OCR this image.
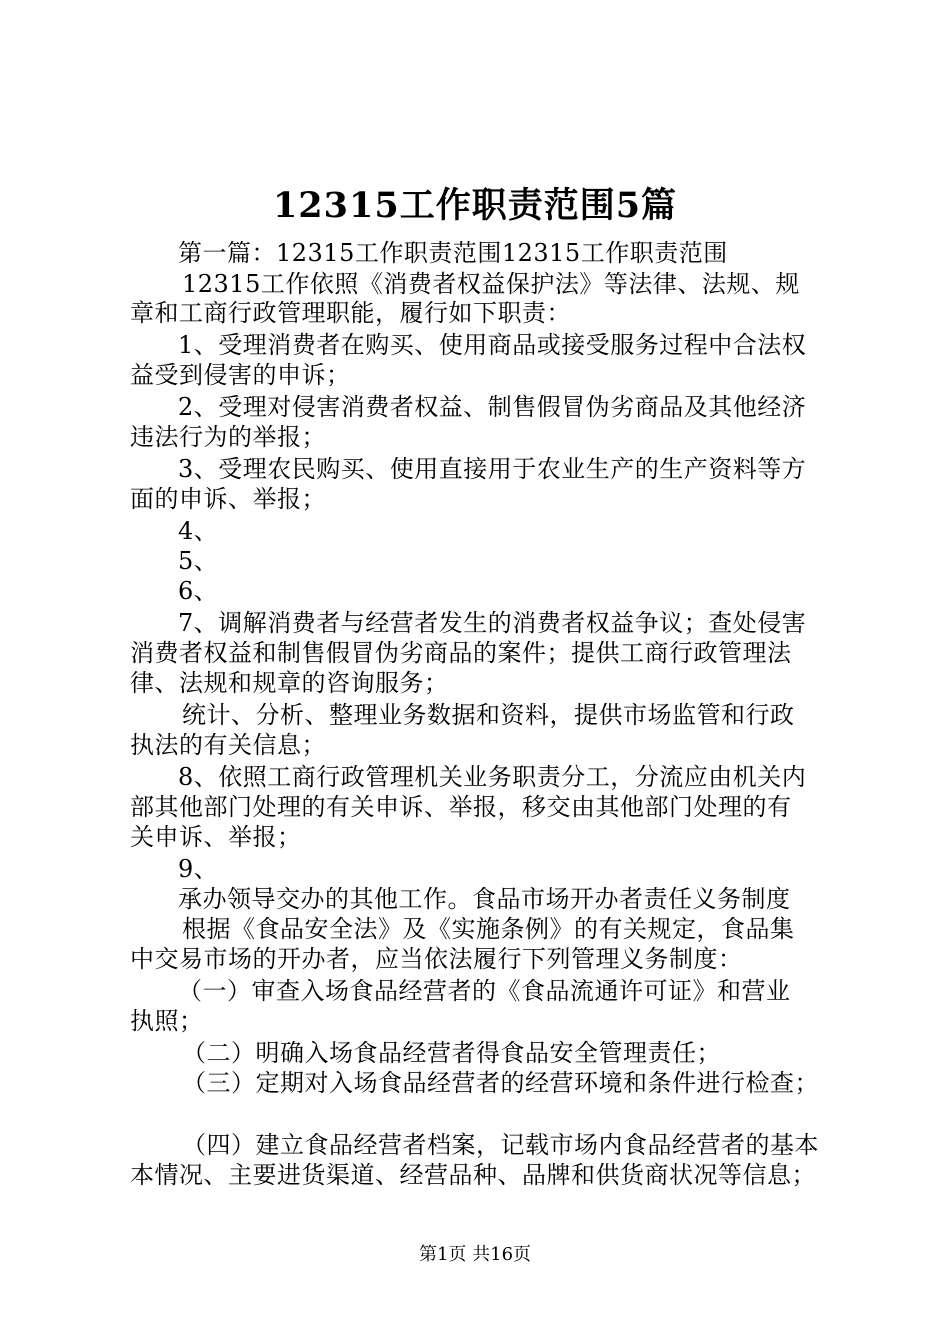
12315工作职责范围5篇
第一篇：12315工作职责范围12315工作职责范围
12315工作依照《消费者权益保护法》等法律、法规、规
章和工商行政管理职能，履行如下职责：
1、受理消费者在购买、使用商品或接受服务过程中合法权
益受到侵害的申诉；
2、受理对侵害消费者权益、制售假冒伪劣商品及其他经济
违法行为的举报；
3、受理农民购买、使用直接用于农业生产的生产资料等方
面的申诉、举报；
4、
5、
6、
7、调解消费者与经营者发生的消费者权益争议；查处侵害
消费者权益和制售假冒伪劣商品的案件；提供工商行政管理法
律、法规和规章的咨询服务；
统计、分析、整理业务数据和资料，提供市场监管和行政
执法的有关信息；
8、依照工商行政管理机关业务职责分工，分流应由机关内
部其他部门处理的有关申诉、举报，移交由其他部门处理的有
关申诉、举报；
9、
承办领导交办的其他工作。食品市场开办者责任义务制度
根据《食品安全法》及《实施条例》的有关规定，食品集
中交易市场的开办者，应当依法履行下列管理义务制度：
（一）审查入场食品经营者的《食品流通许可证》和营业
执照；
（二）明确入场食品经营者得食品安全管理责任；
（三）定期对入场食品经营者的经营环境和条件进行检查；
（四）建立食品经营者档案，记载市场内食品经营者的基本
本情况、主要进货渠道、经营品种、品牌和供货商状况等信息；
第1页 共16页
